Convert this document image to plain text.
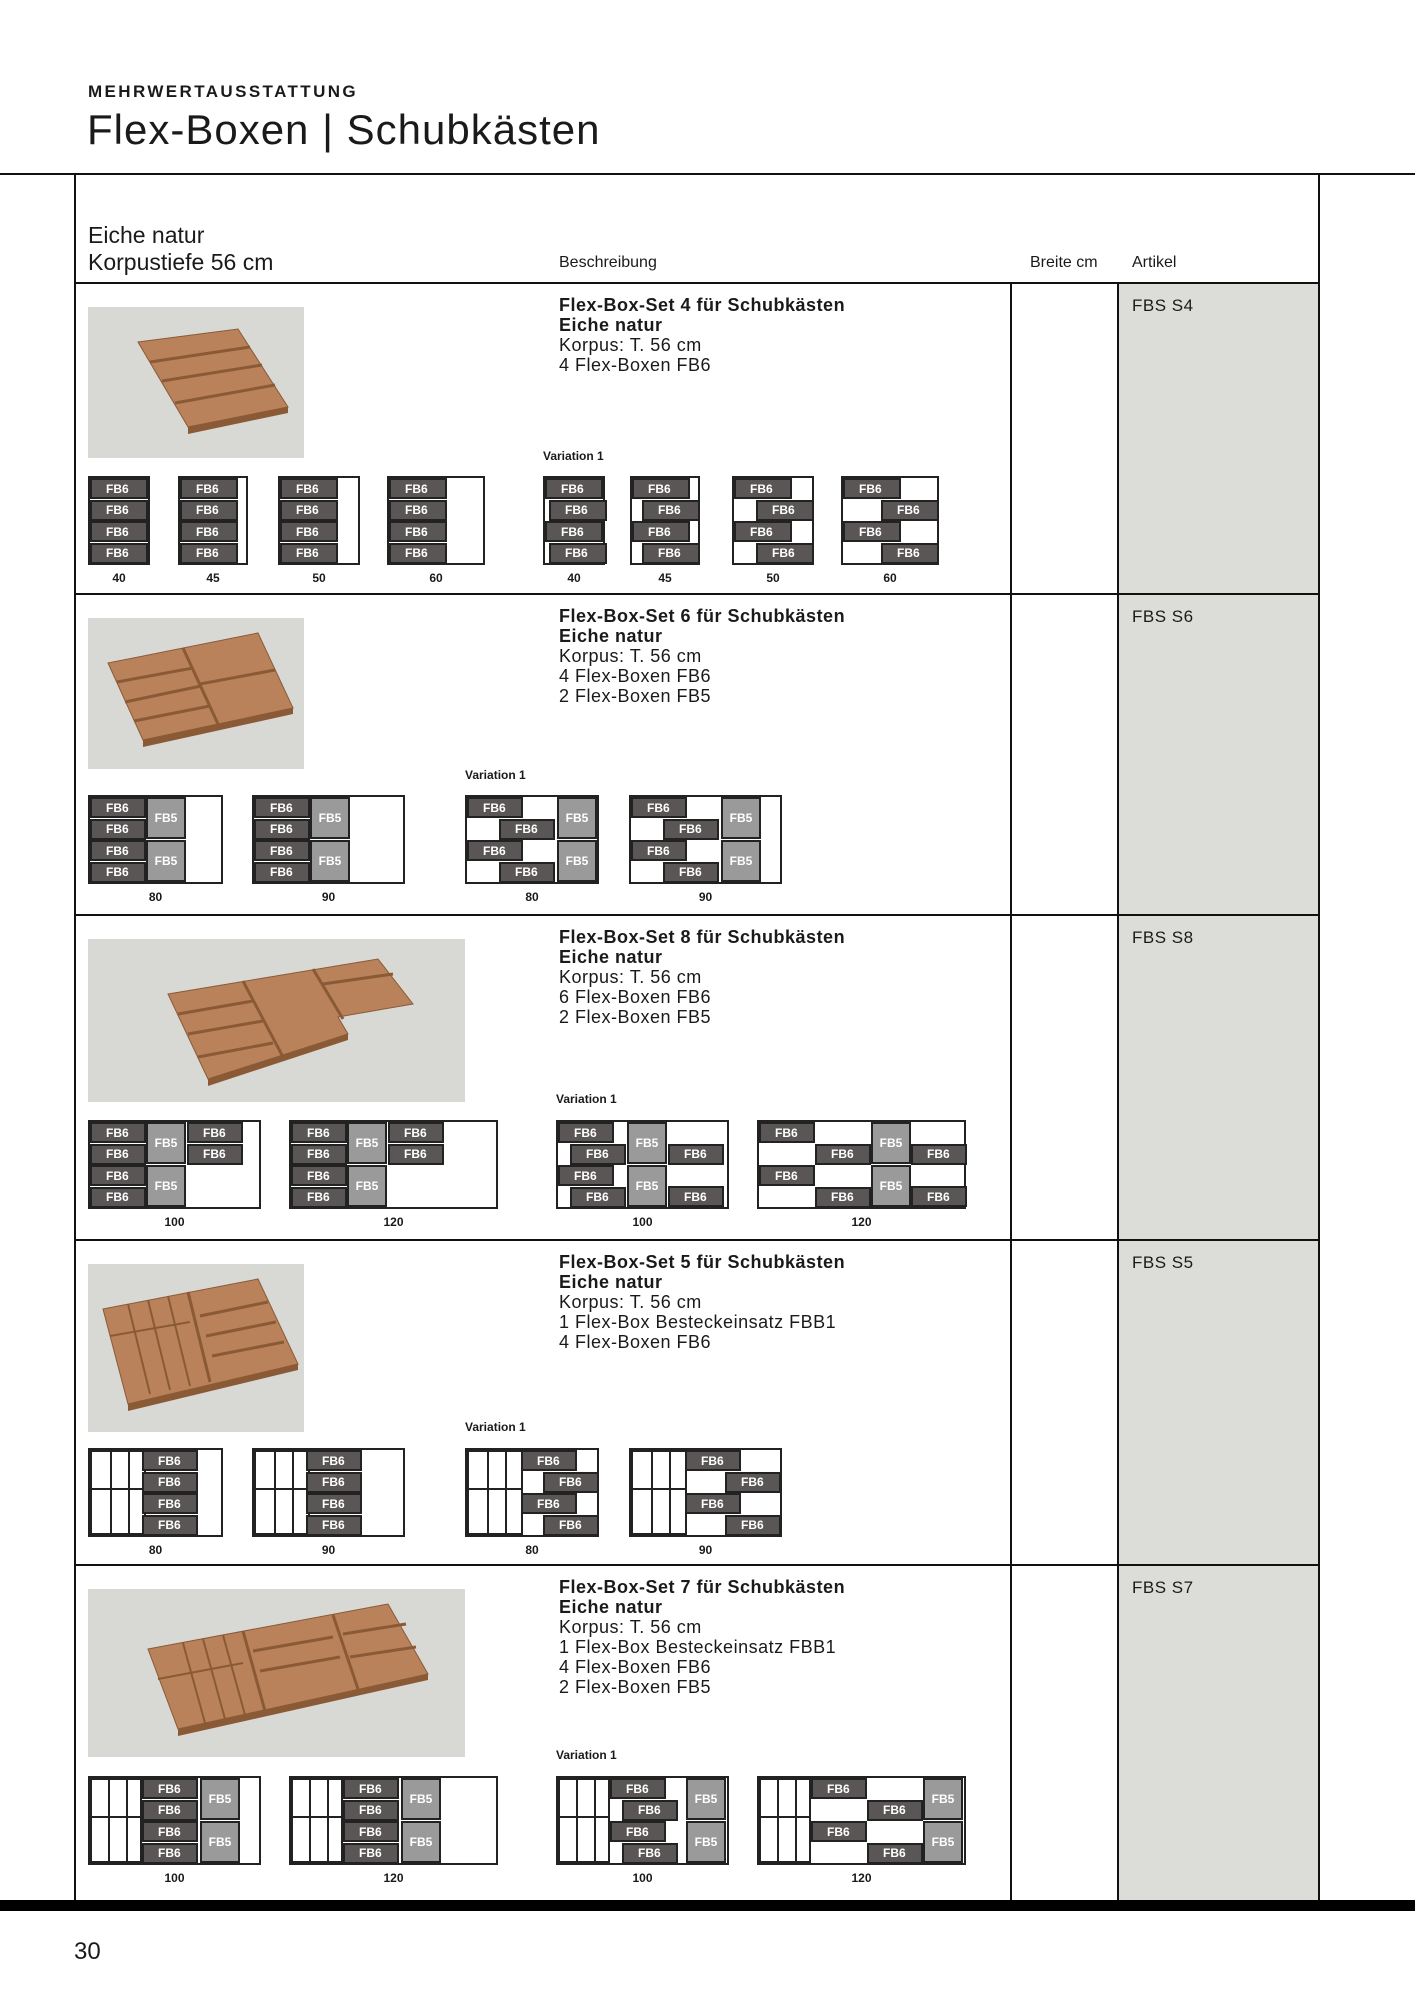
MEHRWERTAUSSTATTUNG
Flex-Boxen | Schubkästen
Eiche natur
Korpustiefe 56 cm	Beschreibung	Breite cm Artikel
Flex-Box-Set 4 für Schubkästen
Eiche natur
Korpus: T. 56 cm
4 Flex-Boxen FB6
FBS S4
Variation 1
Flex-Box-Set 6 für Schubkästen
Eiche natur
Korpus: T. 56 cm
4 Flex-Boxen FB6
2 Flex-Boxen FB5
FBS S6
Variation 1
Flex-Box-Set 8 für Schubkästen
Eiche natur
Korpus: T. 56 cm
6 Flex-Boxen FB6
2 Flex-Boxen FB5
FBS S8
Variation 1
Flex-Box-Set 5 für Schubkästen
Eiche natur
Korpus: T. 56 cm
1 Flex-Box Besteckeinsatz FBB1
4 Flex-Boxen FB6
FBS S5
Variation 1
Flex-Box-Set 7 für Schubkästen
Eiche natur
Korpus: T. 56 cm
1 Flex-Box Besteckeinsatz FBB1
4 Flex-Boxen FB6
2 Flex-Boxen FB5
FBS S7
Variation 1
FB6
FB6
FB6
FB6
40
FB6
FB6
FB6
FB6
45
FB6
FB6
FB6
FB6
50
FB6
FB6
FB6
FB6
60
FB6
FB6
FB6
FB6
40
FB6
FB6
FB6
FB6
45
FB6
FB6
FB6
FB6
50
FB6
FB6
FB6
FB6
60
FB6
FB6
FB6
FB6
FB5
FB5
80
FB6
FB6
FB6
FB6
FB5
FB5
90
FB6
FB6
FB6
FB6
FB5
FB5
80
FB6
FB6
FB6
FB6
FB5
FB5
90
FB6
FB6
FB6
FB6
FB5
FB5
FB6
FB6
100
FB6
FB6
FB6
FB6
FB5
FB5
FB6
FB6
120
FB6
FB6
FB6
FB6
FB5
FB5
FB6
FB6
100
FB6
FB6
FB6
FB6
FB5
FB5
FB6
FB6
120
FB6
FB6
FB6
FB6
80
FB6
FB6
FB6
FB6
90
FB6
FB6
FB6
FB6
80
FB6
FB6
FB6
FB6
90
FB6
FB6
FB6
FB6
FB5
FB5
100
FB6
FB6
FB6
FB6
FB5
FB5
120
FB6
FB6
FB6
FB6
FB5
FB5
100
FB6
FB6
FB6
FB6
FB5
FB5
120
30
